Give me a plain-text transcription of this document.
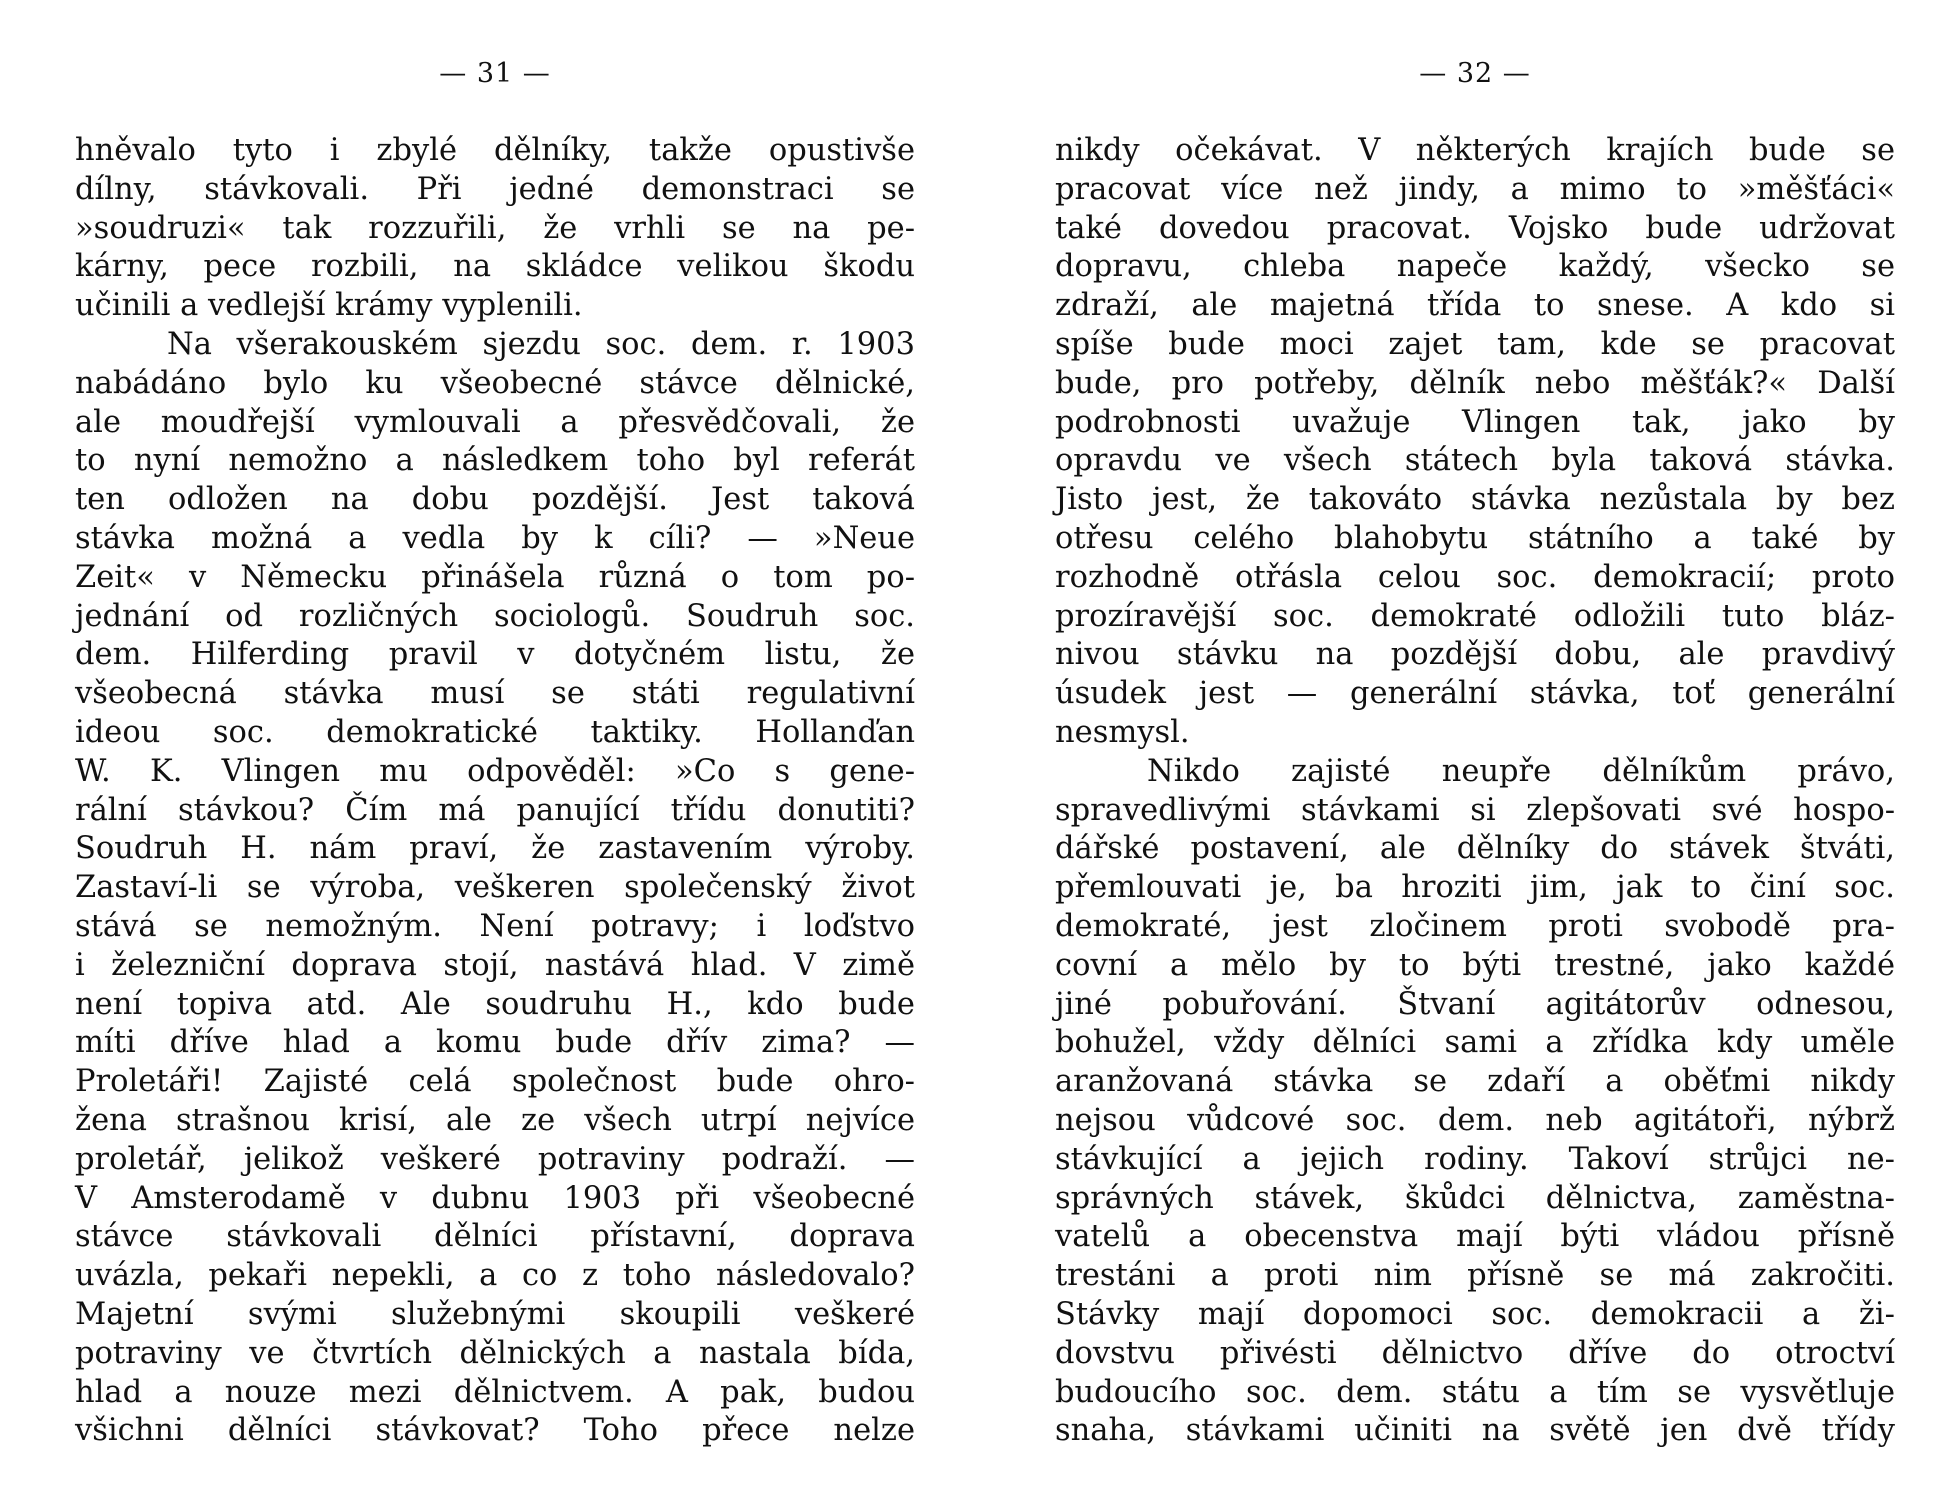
— 31 —
hněvalo tyto i zbylé dělníky, takže opustivše
dílny, stávkovali. Při jedné demonstraci se
»soudruzi« tak rozzuřili, že vrhli se na pe-
kárny, pece rozbili, na skládce velikou škodu
učinili a vedlejší krámy vyplenili.
Na všerakouském sjezdu soc. dem. r. 1903
nabádáno bylo ku všeobecné stávce dělnické,
ale moudřejší vymlouvali a přesvědčovali, že
to nyní nemožno a následkem toho byl referát
ten odložen na dobu pozdější. Jest taková
stávka možná a vedla by k cíli? — »Neue
Zeit« v Německu přinášela různá o tom po-
jednání od rozličných sociologů. Soudruh soc.
dem. Hilferding pravil v dotyčném listu, že
všeobecná stávka musí se státi regulativní
ideou soc. demokratické taktiky. Hollanďan
W. K. Vlingen mu odpověděl: »Co s gene-
rální stávkou? Čím má panující třídu donutiti?
Soudruh H. nám praví, že zastavením výroby.
Zastaví-li se výroba, veškeren společenský život
stává se nemožným. Není potravy; i loďstvo
i železniční doprava stojí, nastává hlad. V zimě
není topiva atd. Ale soudruhu H., kdo bude
míti dříve hlad a komu bude dřív zima? —
Proletáři! Zajisté celá společnost bude ohro-
žena strašnou krisí, ale ze všech utrpí nejvíce
proletář, jelikož veškeré potraviny podraží. —
V Amsterodamě v dubnu 1903 při všeobecné
stávce stávkovali dělníci přístavní, doprava
uvázla, pekaři nepekli, a co z toho následovalo?
Majetní svými služebnými skoupili veškeré
potraviny ve čtvrtích dělnických a nastala bída,
hlad a nouze mezi dělnictvem. A pak, budou
všichni dělníci stávkovat? Toho přece nelze
— 32 —
nikdy očekávat. V některých krajích bude se
pracovat více než jindy, a mimo to »měšťáci«
také dovedou pracovat. Vojsko bude udržovat
dopravu, chleba napeče každý, všecko se
zdraží, ale majetná třída to snese. A kdo si
spíše bude moci zajet tam, kde se pracovat
bude, pro potřeby, dělník nebo měšťák?« Další
podrobnosti uvažuje Vlingen tak, jako by
opravdu ve všech státech byla taková stávka.
Jisto jest, že takováto stávka nezůstala by bez
otřesu celého blahobytu státního a také by
rozhodně otřásla celou soc. demokracií; proto
prozíravější soc. demokraté odložili tuto bláz-
nivou stávku na pozdější dobu, ale pravdivý
úsudek jest — generální stávka, toť generální
nesmysl.
Nikdo zajisté neupře dělníkům právo,
spravedlivými stávkami si zlepšovati své hospo-
dářské postavení, ale dělníky do stávek štváti,
přemlouvati je, ba hroziti jim, jak to činí soc.
demokraté, jest zločinem proti svobodě pra-
covní a mělo by to býti trestné, jako každé
jiné pobuřování. Štvaní agitátorův odnesou,
bohužel, vždy dělníci sami a zřídka kdy uměle
aranžovaná stávka se zdaří a oběťmi nikdy
nejsou vůdcové soc. dem. neb agitátoři, nýbrž
stávkující a jejich rodiny. Takoví strůjci ne-
správných stávek, škůdci dělnictva, zaměstna-
vatelů a obecenstva mají býti vládou přísně
trestáni a proti nim přísně se má zakročiti.
Stávky mají dopomoci soc. demokracii a ži-
dovstvu přivésti dělnictvo dříve do otroctví
budoucího soc. dem. státu a tím se vysvětluje
snaha, stávkami učiniti na světě jen dvě třídy
